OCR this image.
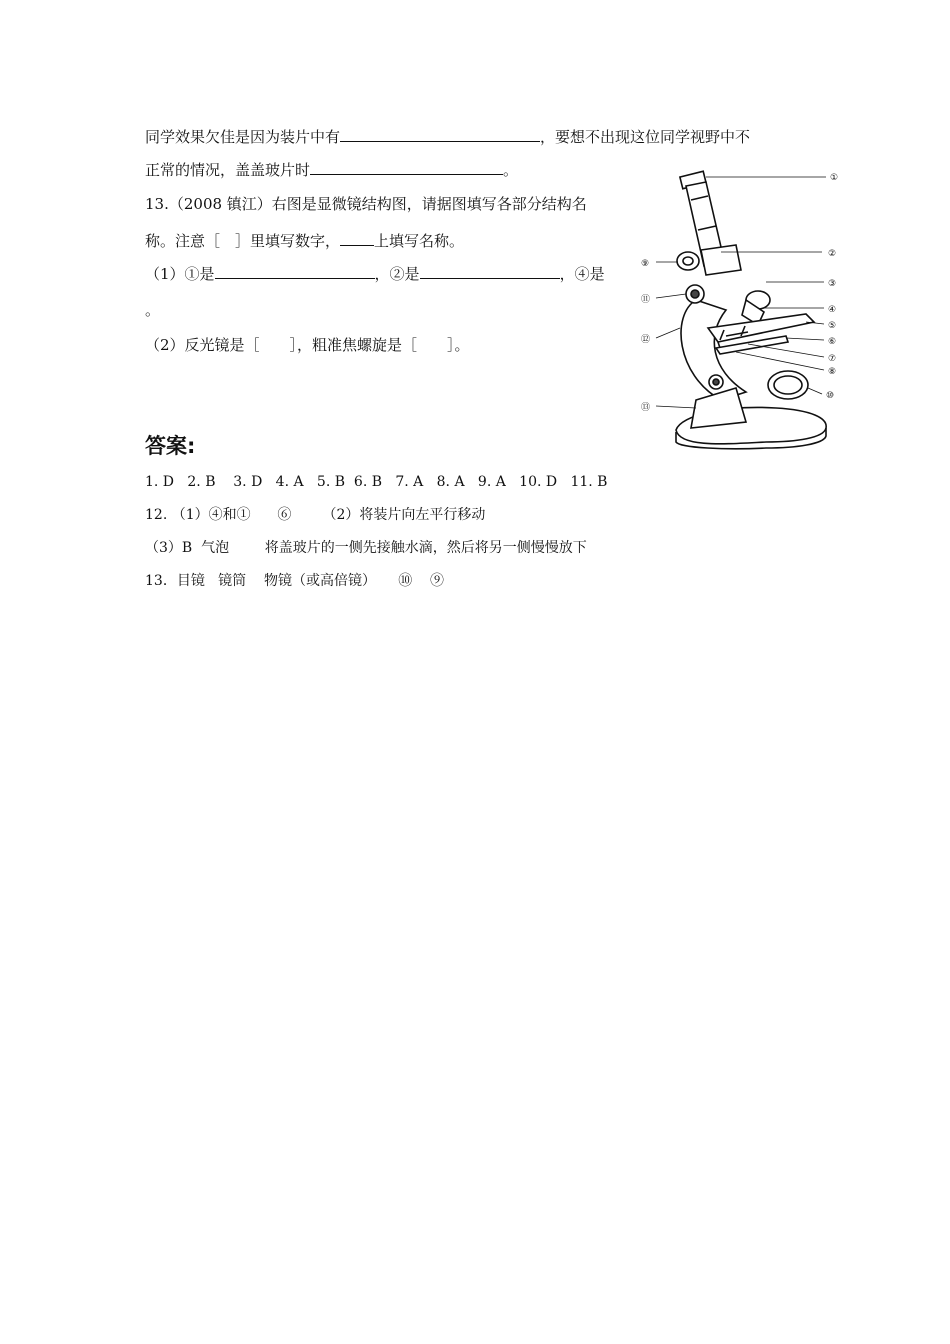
同学效果欠佳是因为装片中有	，要想不出现这位同学视野中不
正常的情况，盖盖玻片时	。
13.（2008 镇江）右图是显微镜结构图，请据图填写各部分结构名
称。注意［　］里填写数字， 上填写名称。
（1）①是	，②是	，④是
。
（2）反光镜是［　　］，粗准焦螺旋是［　　］。
①
②
③
④
⑤
⑥
⑦
⑧
⑨
⑩
⑪
⑫
⑬
答案:
1. D   2. B    3. D   4. A   5. B  6. B   7. A   8. A   9. A   10. D   11. B
12. （1）④和①      ⑥       （2）将装片向左平行移动
（3）B  气泡        将盖玻片的一侧先接触水滴，然后将另一侧慢慢放下
13．目镜   镜筒    物镜（或高倍镜）     ⑩    ⑨
